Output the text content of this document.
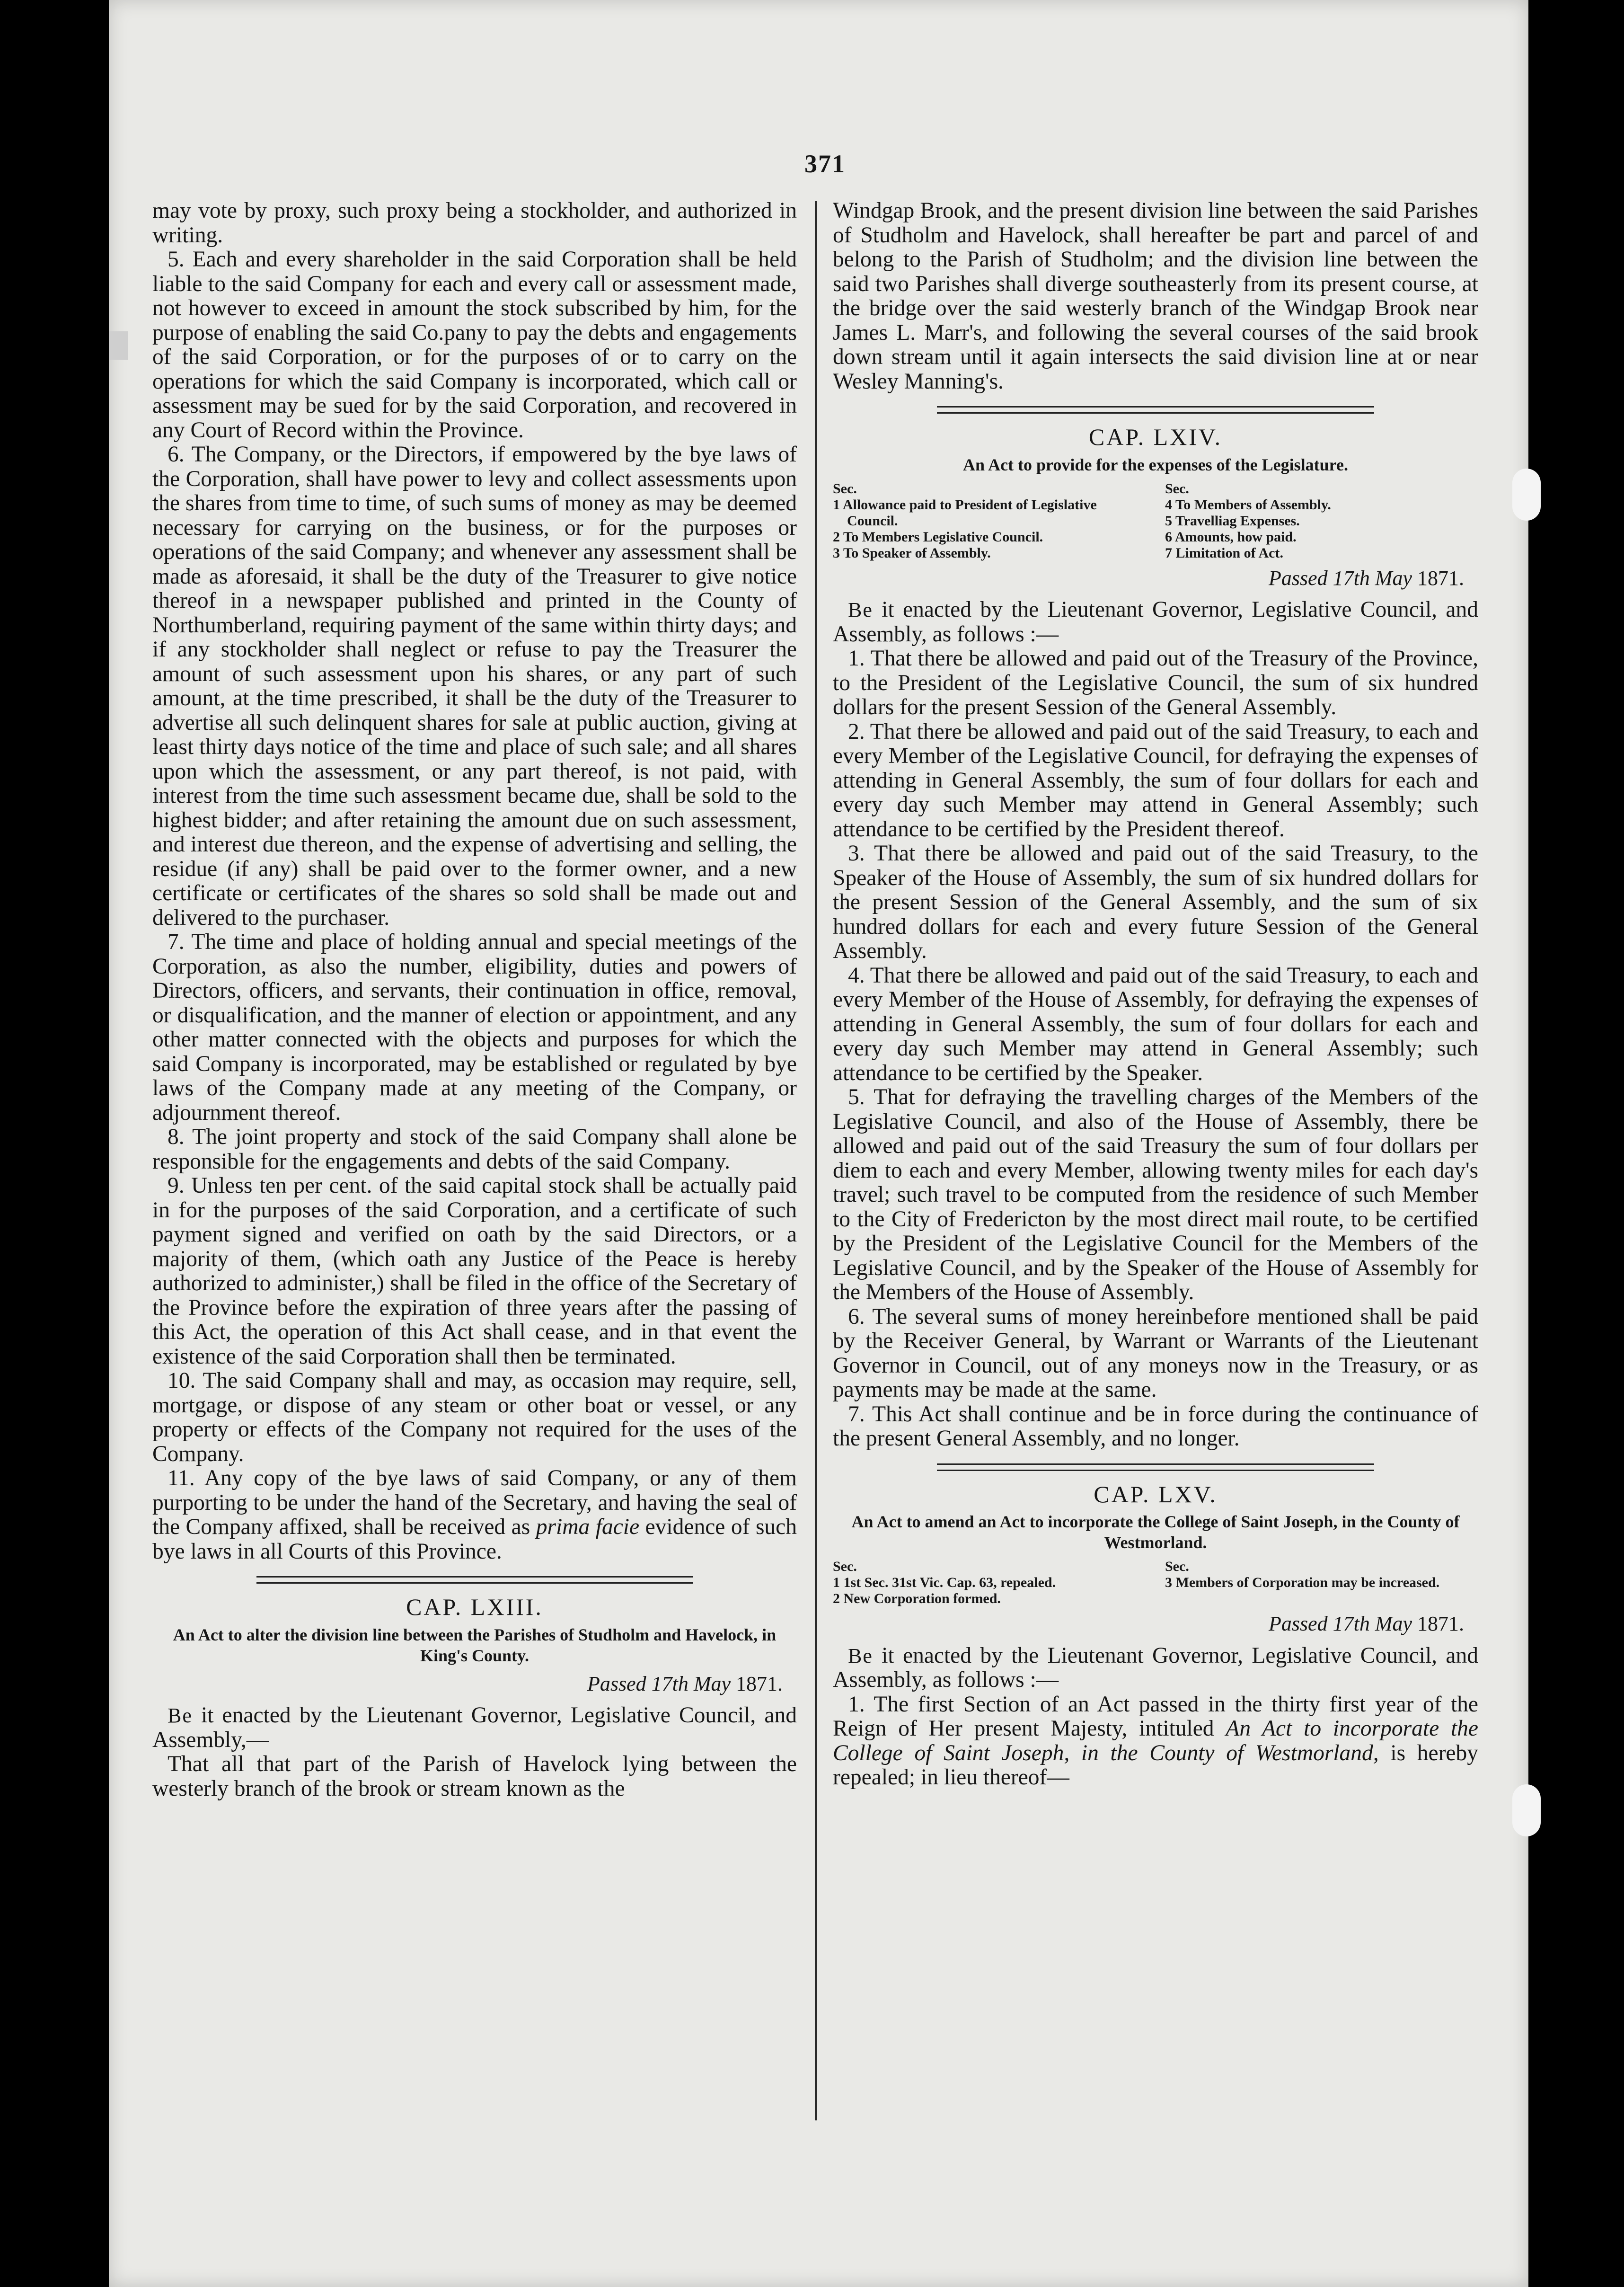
371

may vote by proxy, such proxy being a stockholder, and authorized in writing.

5. Each and every shareholder in the said Corporation shall be held liable to the said Company for each and every call or assessment made, not however to exceed in amount the stock subscribed by him, for the purpose of enabling the said Co.pany to pay the debts and engagements of the said Corporation, or for the purposes of or to carry on the operations for which the said Company is incorporated, which call or assessment may be sued for by the said Corporation, and recovered in any Court of Record within the Province.

6. The Company, or the Directors, if empowered by the bye laws of the Corporation, shall have power to levy and collect assessments upon the shares from time to time, of such sums of money as may be deemed necessary for carrying on the business, or for the purposes or operations of the said Company; and whenever any assessment shall be made as aforesaid, it shall be the duty of the Treasurer to give notice thereof in a newspaper published and printed in the County of Northumberland, requiring payment of the same within thirty days; and if any stockholder shall neglect or refuse to pay the Treasurer the amount of such assessment upon his shares, or any part of such amount, at the time prescribed, it shall be the duty of the Treasurer to advertise all such delinquent shares for sale at public auction, giving at least thirty days notice of the time and place of such sale; and all shares upon which the assessment, or any part thereof, is not paid, with interest from the time such assessment became due, shall be sold to the highest bidder; and after retaining the amount due on such assessment, and interest due thereon, and the expense of advertising and selling, the residue (if any) shall be paid over to the former owner, and a new certificate or certificates of the shares so sold shall be made out and delivered to the purchaser.

7. The time and place of holding annual and special meetings of the Corporation, as also the number, eligibility, duties and powers of Directors, officers, and servants, their continuation in office, removal, or disqualification, and the manner of election or appointment, and any other matter connected with the objects and purposes for which the said Company is incorporated, may be established or regulated by bye laws of the Company made at any meeting of the Company, or adjournment thereof.

8. The joint property and stock of the said Company shall alone be responsible for the engagements and debts of the said Company.

9. Unless ten per cent. of the said capital stock shall be actually paid in for the purposes of the said Corporation, and a certificate of such payment signed and verified on oath by the said Directors, or a majority of them, (which oath any Justice of the Peace is hereby authorized to administer,) shall be filed in the office of the Secretary of the Province before the expiration of three years after the passing of this Act, the operation of this Act shall cease, and in that event the existence of the said Corporation shall then be terminated.

10. The said Company shall and may, as occasion may require, sell, mortgage, or dispose of any steam or other boat or vessel, or any property or effects of the Company not required for the uses of the Company.

11. Any copy of the bye laws of said Company, or any of them purporting to be under the hand of the Secretary, and having the seal of the Company affixed, shall be received as prima facie evidence of such bye laws in all Courts of this Province.

CAP. LXIII.
An Act to alter the division line between the Parishes of Studholm and Havelock, in King's County.
Passed 17th May 1871.

Be it enacted by the Lieutenant Governor, Legislative Council, and Assembly,—

That all that part of the Parish of Havelock lying between the westerly branch of the brook or stream known as the

Windgap Brook, and the present division line between the said Parishes of Studholm and Havelock, shall hereafter be part and parcel of and belong to the Parish of Studholm; and the division line between the said two Parishes shall diverge southeasterly from its present course, at the bridge over the said westerly branch of the Windgap Brook near James L. Marr's, and following the several courses of the said brook down stream until it again intersects the said division line at or near Wesley Manning's.

CAP. LXIV.
An Act to provide for the expenses of the Legislature.
Sec.
1 Allowance paid to President of Legislative Council.
2 To Members Legislative Council.
3 To Speaker of Assembly.
Sec.
4 To Members of Assembly.
5 Travelliag Expenses.
6 Amounts, how paid.
7 Limitation of Act.
Passed 17th May 1871.

Be it enacted by the Lieutenant Governor, Legislative Council, and Assembly, as follows :—

1. That there be allowed and paid out of the Treasury of the Province, to the President of the Legislative Council, the sum of six hundred dollars for the present Session of the General Assembly.

2. That there be allowed and paid out of the said Treasury, to each and every Member of the Legislative Council, for defraying the expenses of attending in General Assembly, the sum of four dollars for each and every day such Member may attend in General Assembly; such attendance to be certified by the President thereof.

3. That there be allowed and paid out of the said Treasury, to the Speaker of the House of Assembly, the sum of six hundred dollars for the present Session of the General Assembly, and the sum of six hundred dollars for each and every future Session of the General Assembly.

4. That there be allowed and paid out of the said Treasury, to each and every Member of the House of Assembly, for defraying the expenses of attending in General Assembly, the sum of four dollars for each and every day such Member may attend in General Assembly; such attendance to be certified by the Speaker.

5. That for defraying the travelling charges of the Members of the Legislative Council, and also of the House of Assembly, there be allowed and paid out of the said Treasury the sum of four dollars per diem to each and every Member, allowing twenty miles for each day's travel; such travel to be computed from the residence of such Member to the City of Fredericton by the most direct mail route, to be certified by the President of the Legislative Council for the Members of the Legislative Council, and by the Speaker of the House of Assembly for the Members of the House of Assembly.

6. The several sums of money hereinbefore mentioned shall be paid by the Receiver General, by Warrant or Warrants of the Lieutenant Governor in Council, out of any moneys now in the Treasury, or as payments may be made at the same.

7. This Act shall continue and be in force during the continuance of the present General Assembly, and no longer.

CAP. LXV.
An Act to amend an Act to incorporate the College of Saint Joseph, in the County of Westmorland.
Sec.
1 1st Sec. 31st Vic. Cap. 63, repealed.
2 New Corporation formed.
Sec.
3 Members of Corporation may be increased.
Passed 17th May 1871.

Be it enacted by the Lieutenant Governor, Legislative Council, and Assembly, as follows :—

1. The first Section of an Act passed in the thirty first year of the Reign of Her present Majesty, intituled An Act to incorporate the College of Saint Joseph, in the County of Westmorland, is hereby repealed; in lieu thereof—
